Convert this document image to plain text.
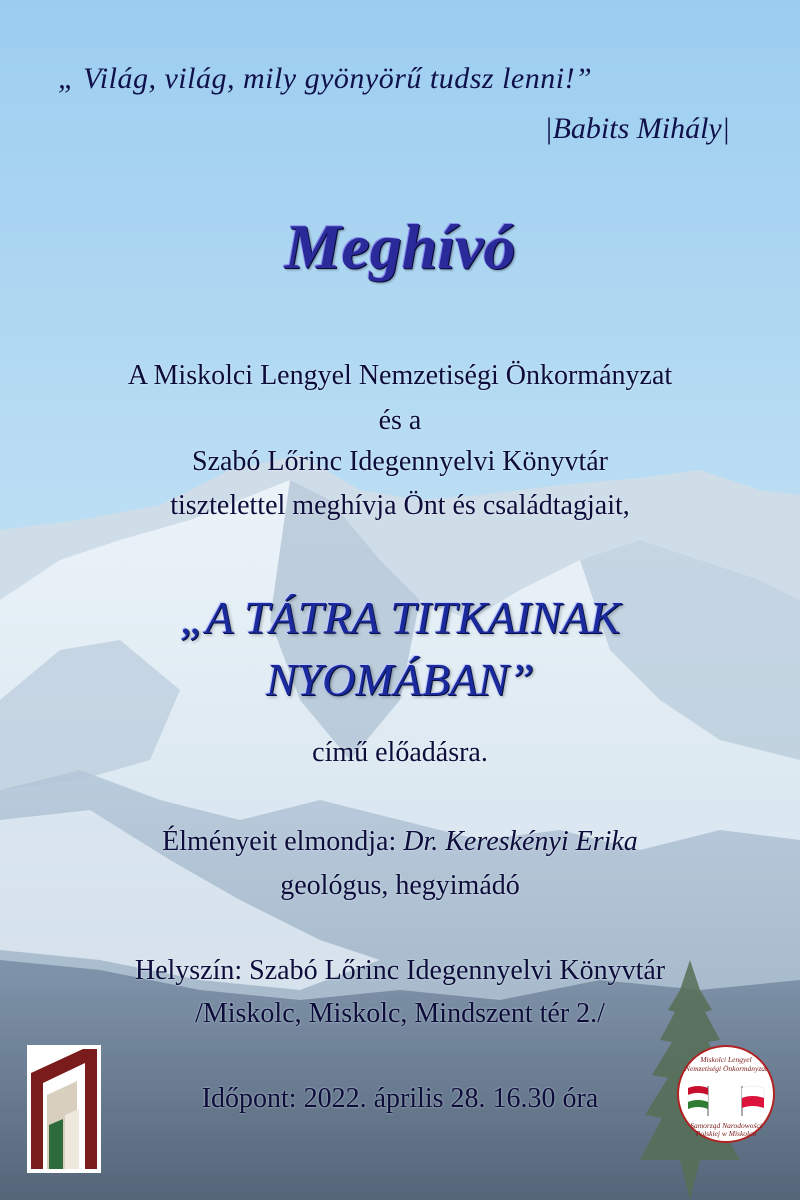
„ Világ, világ, mily gyönyörű tudsz lenni!”
|Babits Mihály|
Meghívó
A Miskolci Lengyel Nemzetiségi Önkormányzat
és a
Szabó Lőrinc Idegennyelvi Könyvtár
tisztelettel meghívja Önt és családtagjait,
„A TÁTRA TITKAINAK
NYOMÁBAN”
című előadásra.
Élményeit elmondja: Dr. Kereskényi Erika
geológus, hegyimádó
Helyszín: Szabó Lőrinc Idegennyelvi Könyvtár
/Miskolc, Miskolc, Mindszent tér 2./
Időpont: 2022. április 28. 16.30 óra
Miskolci Lengyel
Nemzetiségi Önkormányzat
Samorząd Narodowości
Polskiej w Miskolcu
